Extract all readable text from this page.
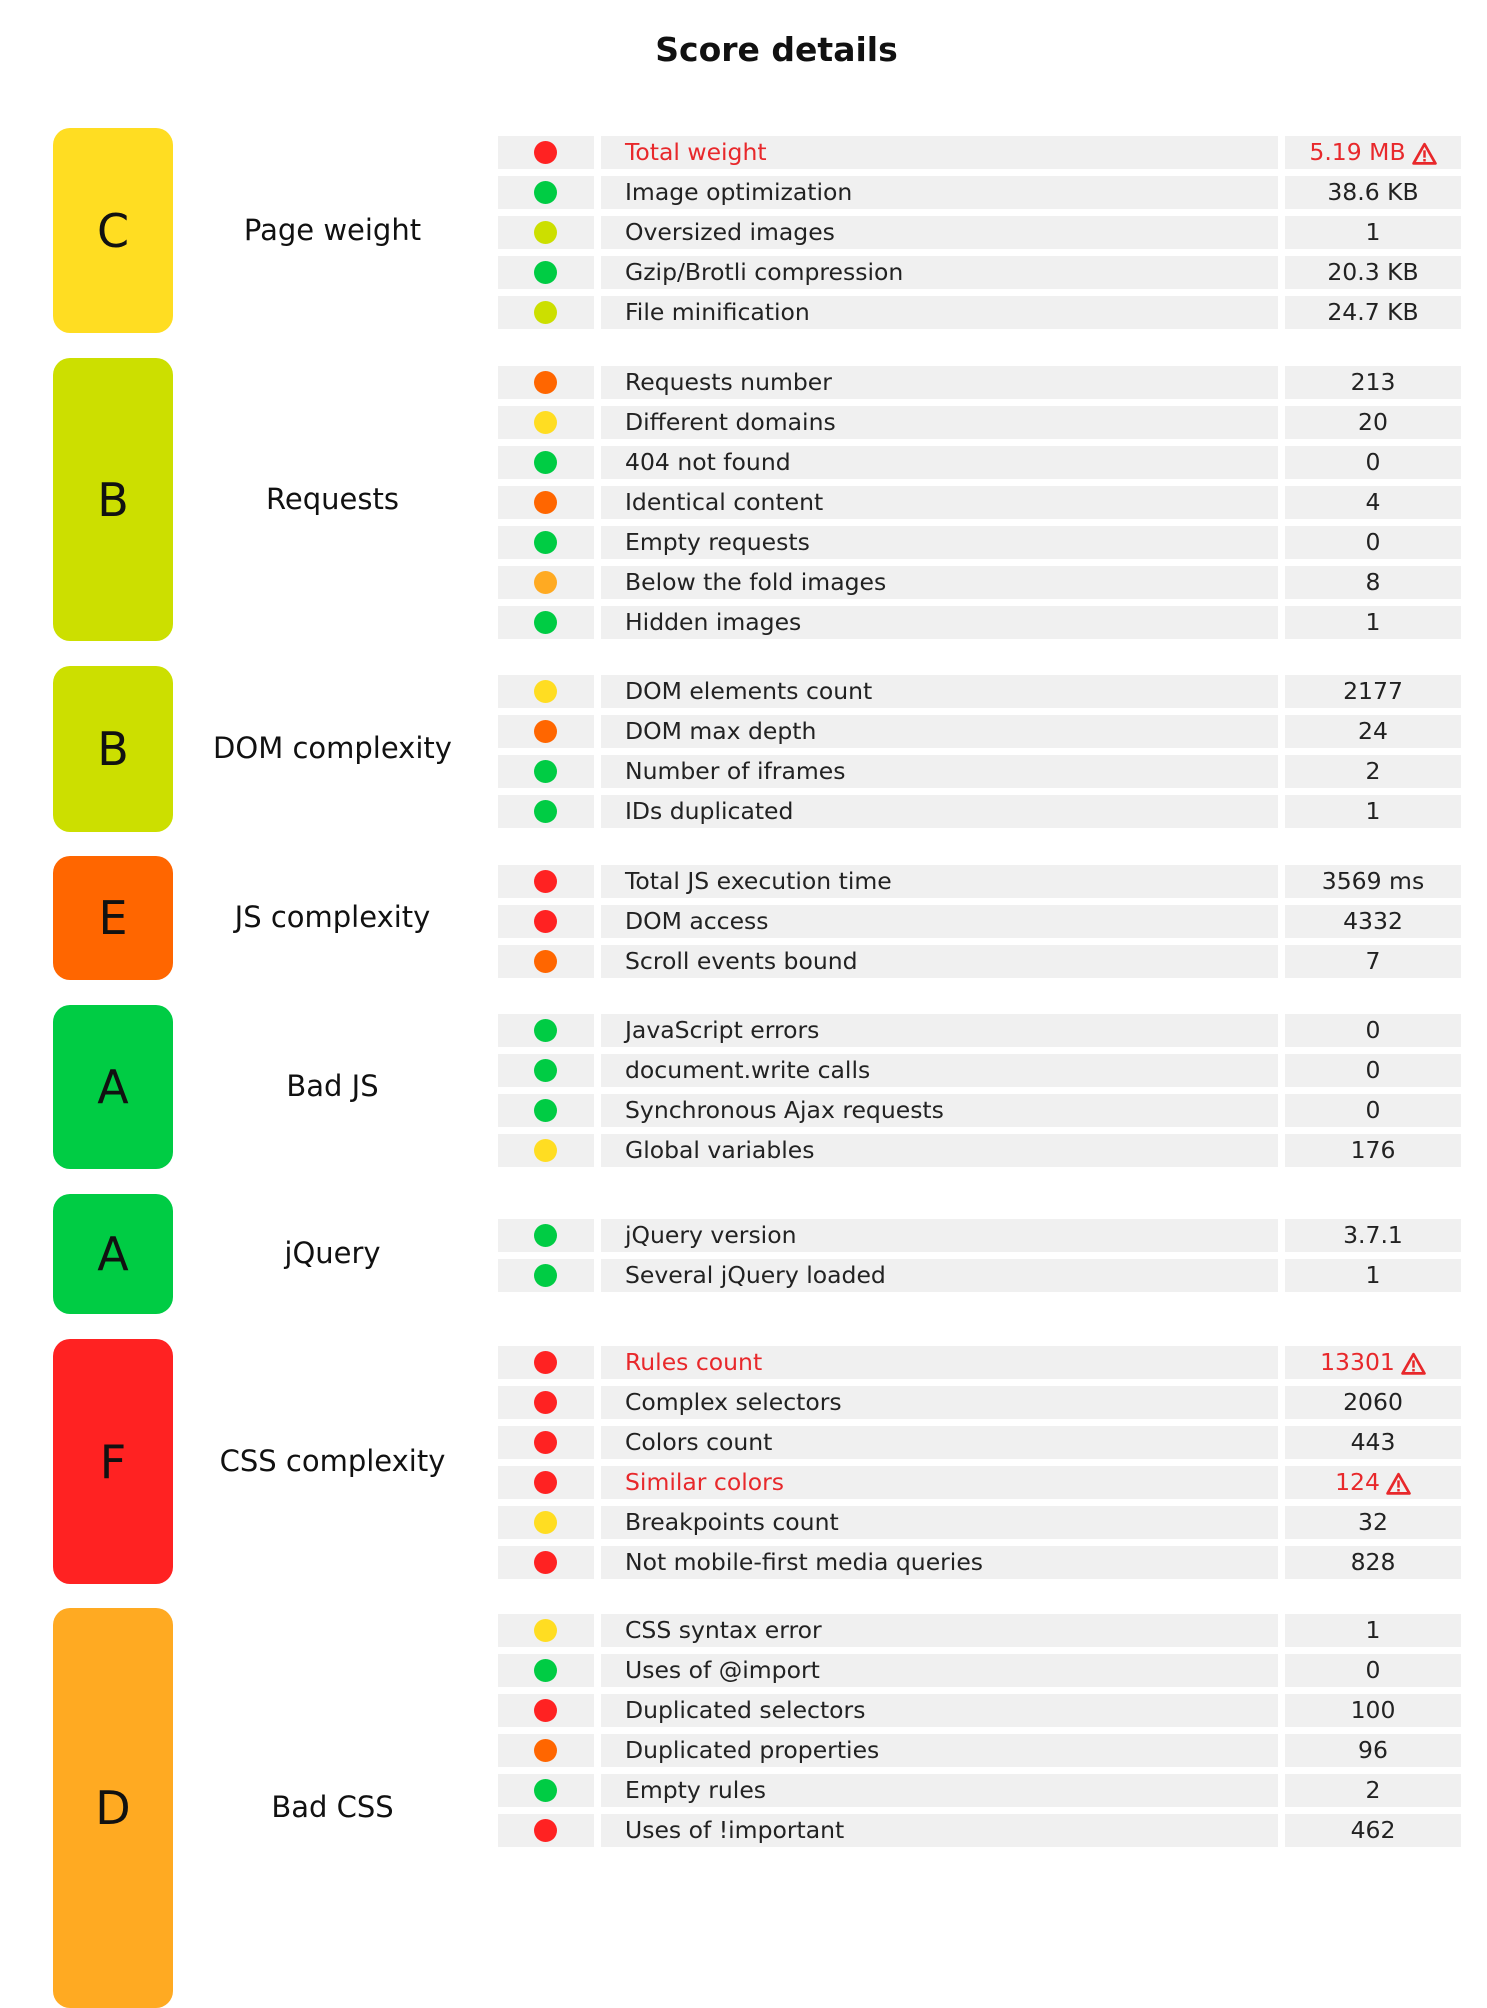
Score details
C	Page weight
Total weight	5.19 MB
Image optimization	38.6 KB
Oversized images	1
Gzip/Brotli compression	20.3 KB
File minification	24.7 KB
B	Requests
Requests number	213
Different domains	20
404 not found	0
Identical content	4
Empty requests	0
Below the fold images	8
Hidden images	1
B	DOM complexity
DOM elements count	2177
DOM max depth	24
Number of iframes	2
IDs duplicated	1
E	JS complexity
Total JS execution time	3569 ms
DOM access	4332
Scroll events bound	7
A	Bad JS
JavaScript errors	0
document.write calls	0
Synchronous Ajax requests	0
Global variables	176
A	jQuery
jQuery version	3.7.1
Several jQuery loaded	1
F	CSS complexity
Rules count	13301
Complex selectors	2060
Colors count	443
Similar colors	124
Breakpoints count	32
Not mobile-first media queries	828
D	Bad CSS
CSS syntax error	1
Uses of @import	0
Duplicated selectors	100
Duplicated properties	96
Empty rules	2
Uses of !important	462
